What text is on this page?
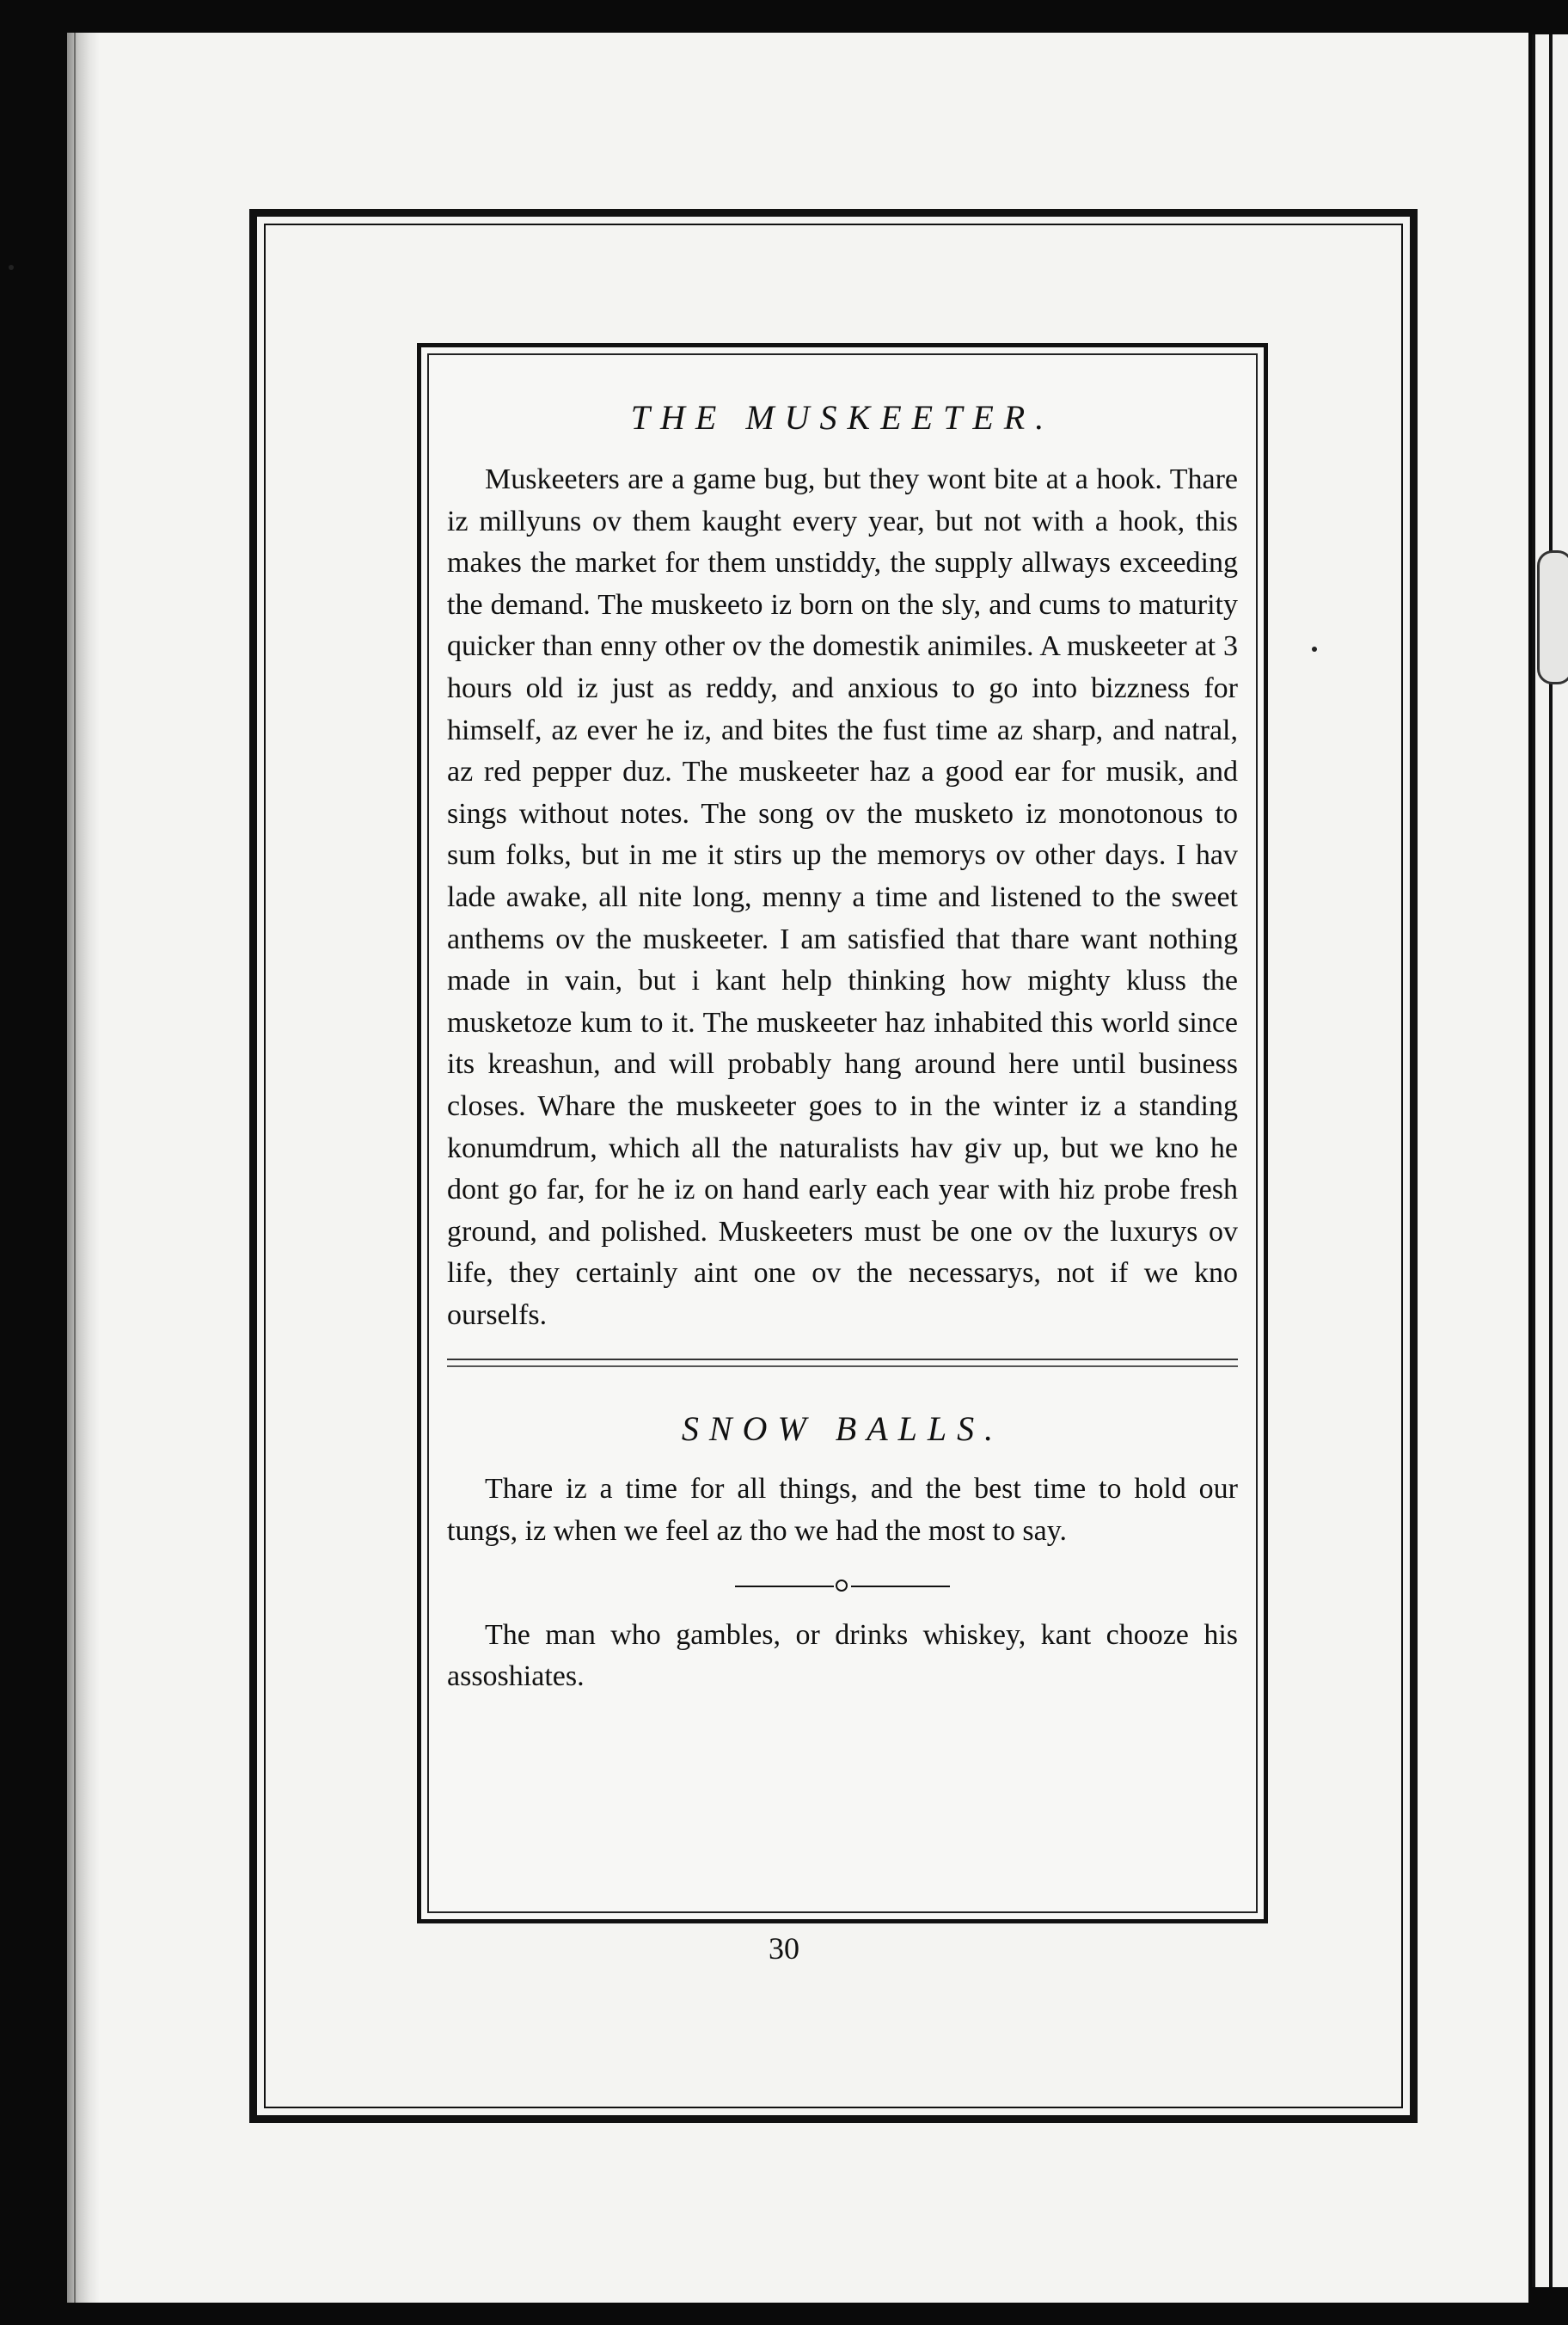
THE MUSKEETER.

Muskeeters are a game bug, but they wont bite at a hook. Thare iz millyuns ov them kaught every year, but not with a hook, this makes the market for them unstiddy, the supply allways exceeding the demand. The muskeeto iz born on the sly, and cums to maturity quicker than enny other ov the domestik animiles. A muskeeter at 3 hours old iz just as reddy, and anxious to go into bizzness for himself, az ever he iz, and bites the fust time az sharp, and natral, az red pepper duz. The muskeeter haz a good ear for musik, and sings without notes. The song ov the musketo iz monotonous to sum folks, but in me it stirs up the memorys ov other days. I hav lade awake, all nite long, menny a time and listened to the sweet anthems ov the muskeeter. I am satisfied that thare want nothing made in vain, but i kant help thinking how mighty kluss the musketoze kum to it. The muskeeter haz inhabited this world since its kreashun, and will probably hang around here until business closes. Whare the muskeeter goes to in the winter iz a standing konumdrum, which all the naturalists hav giv up, but we kno he dont go far, for he iz on hand early each year with hiz probe fresh ground, and polished. Muskeeters must be one ov the luxurys ov life, they certainly aint one ov the necessarys, not if we kno ourselfs.

SNOW BALLS.

Thare iz a time for all things, and the best time to hold our tungs, iz when we feel az tho we had the most to say.

The man who gambles, or drinks whiskey, kant chooze his assoshiates.

30
